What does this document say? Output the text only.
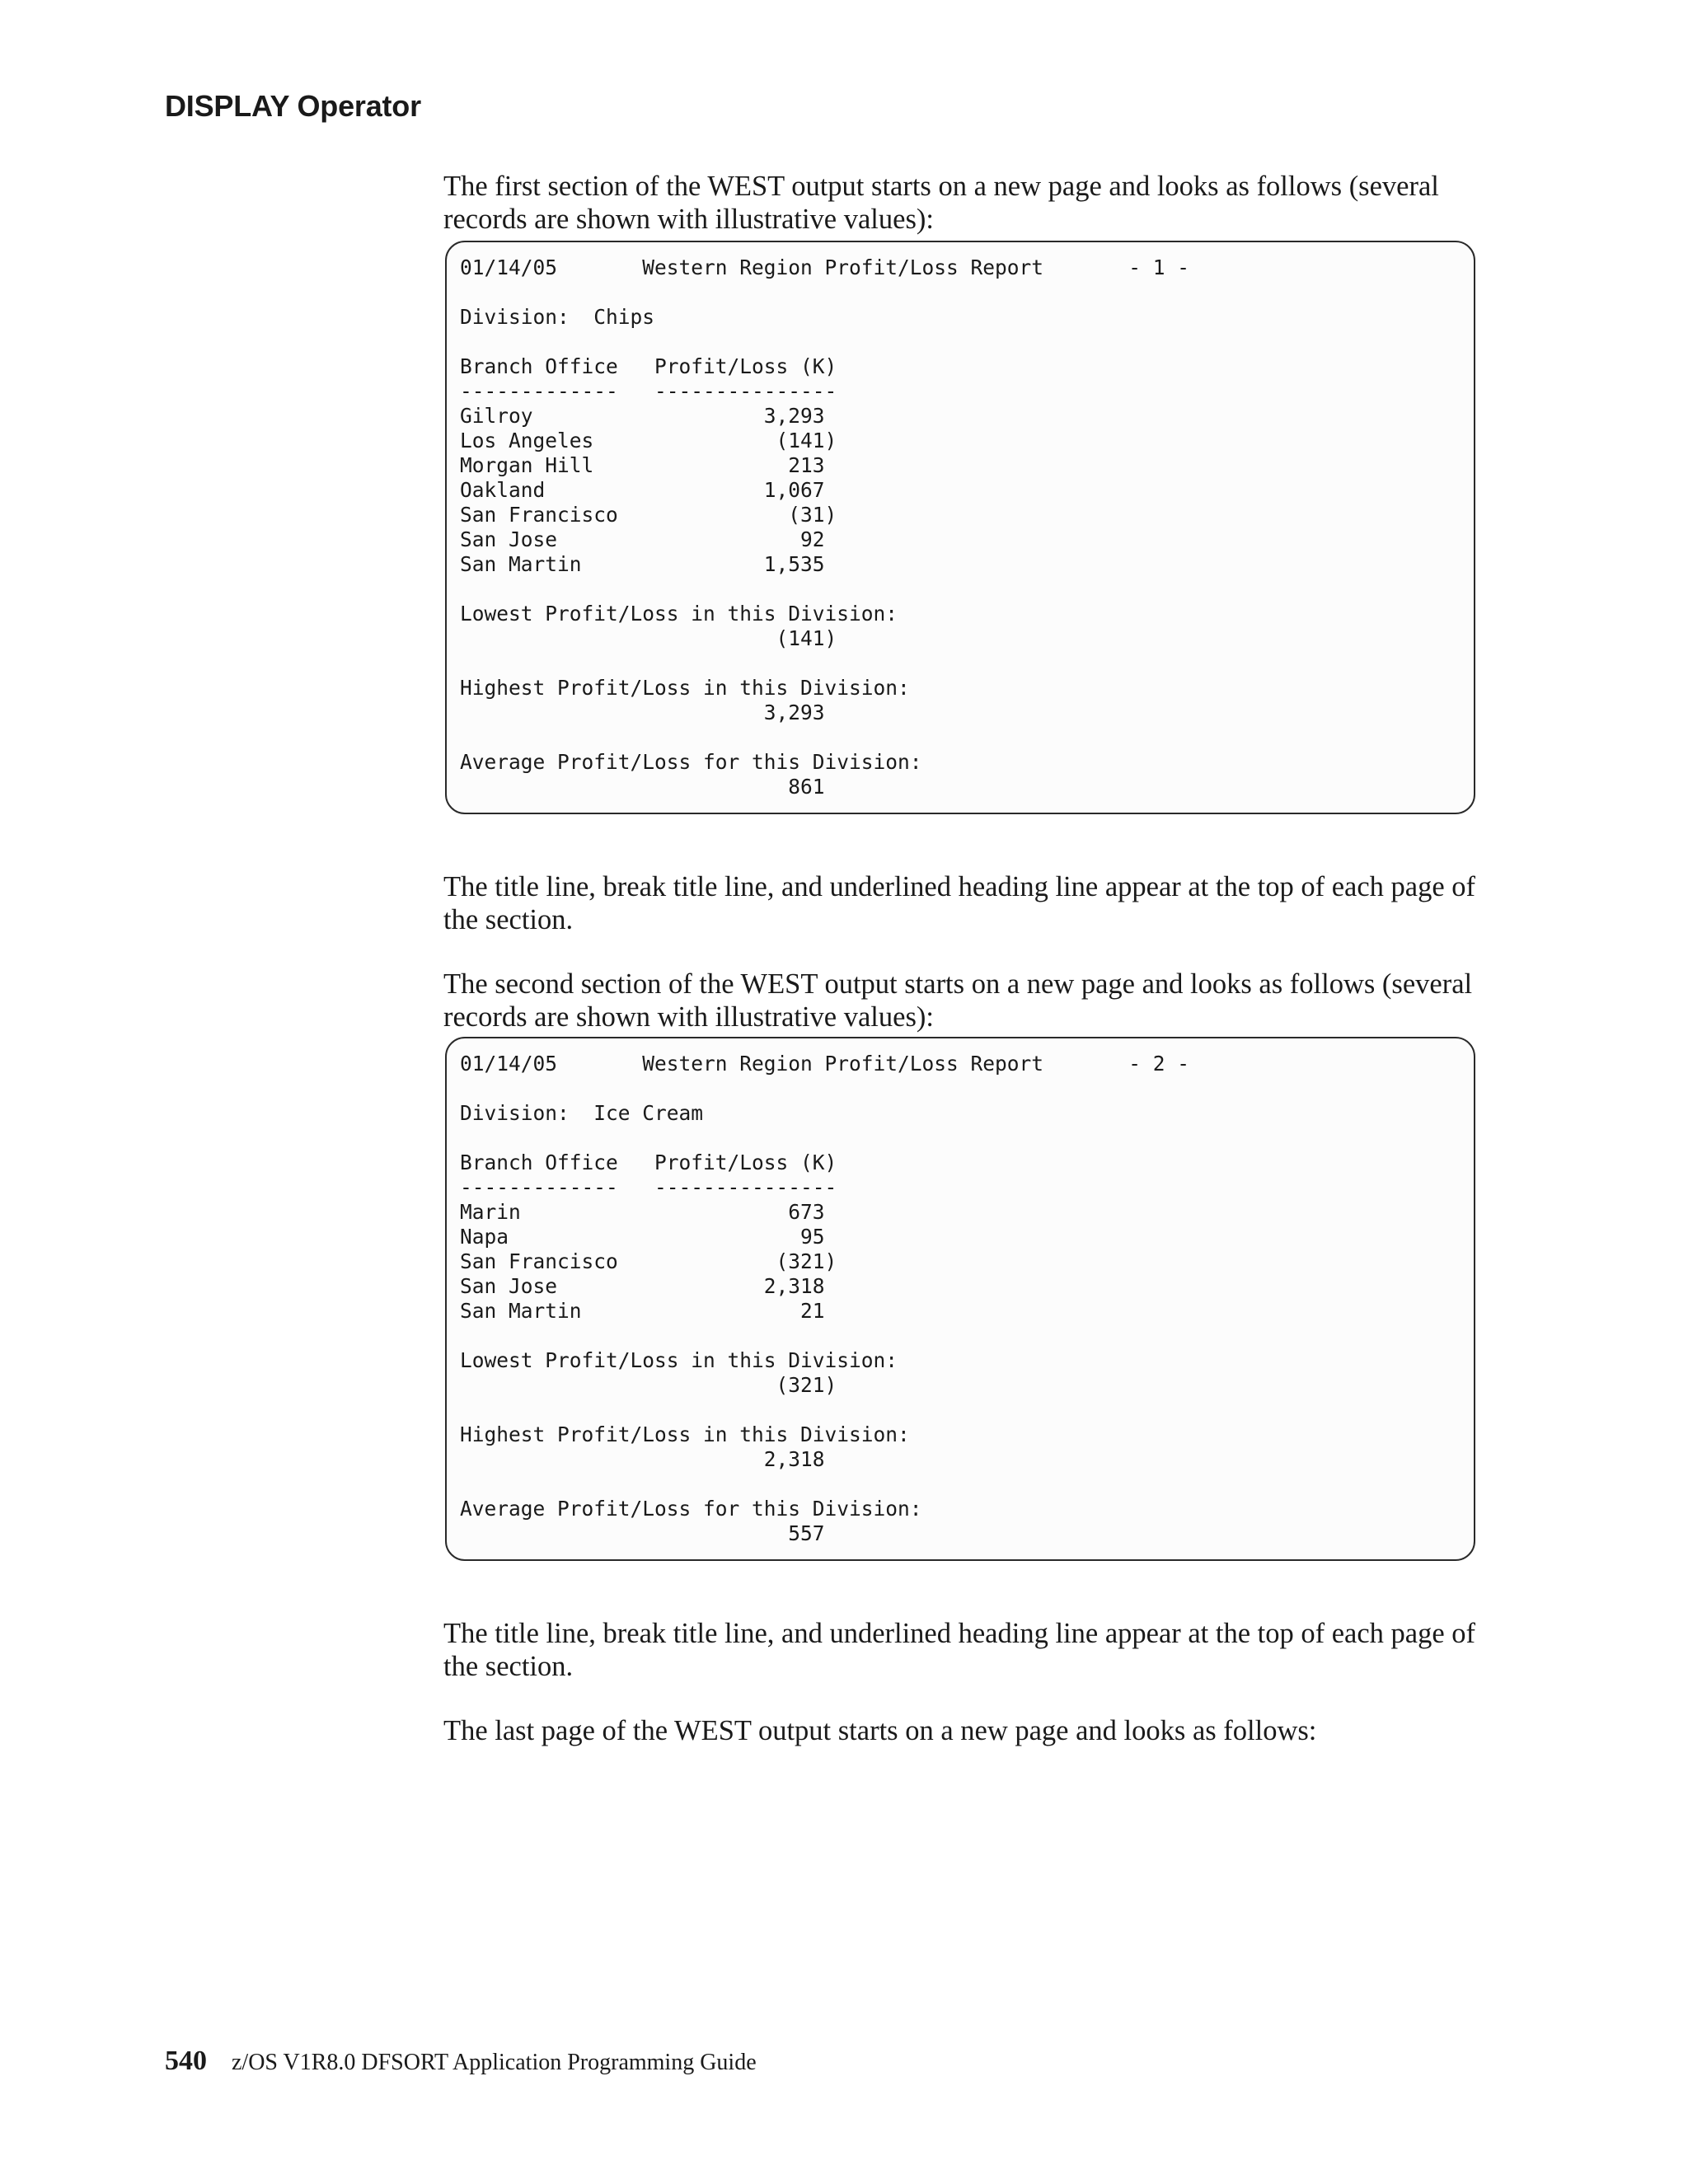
DISPLAY Operator

The first section of the WEST output starts on a new page and looks as follows (several records are shown with illustrative values):

01/14/05       Western Region Profit/Loss Report       - 1 -

Division:  Chips

Branch Office   Profit/Loss (K)
-------------   ---------------
Gilroy                   3,293
Los Angeles               (141)
Morgan Hill                213
Oakland                  1,067
San Francisco              (31)
San Jose                    92
San Martin               1,535

Lowest Profit/Loss in this Division:
(141)

Highest Profit/Loss in this Division:
3,293

Average Profit/Loss for this Division:
861

The title line, break title line, and underlined heading line appear at the top of each page of the section.

The second section of the WEST output starts on a new page and looks as follows (several records are shown with illustrative values):

01/14/05       Western Region Profit/Loss Report       - 2 -

Division:  Ice Cream

Branch Office   Profit/Loss (K)
-------------   ---------------
Marin                      673
Napa                        95
San Francisco             (321)
San Jose                 2,318
San Martin                  21

Lowest Profit/Loss in this Division:
(321)

Highest Profit/Loss in this Division:
2,318

Average Profit/Loss for this Division:
557

The title line, break title line, and underlined heading line appear at the top of each page of the section.

The last page of the WEST output starts on a new page and looks as follows:

540 z/OS V1R8.0 DFSORT Application Programming Guide
